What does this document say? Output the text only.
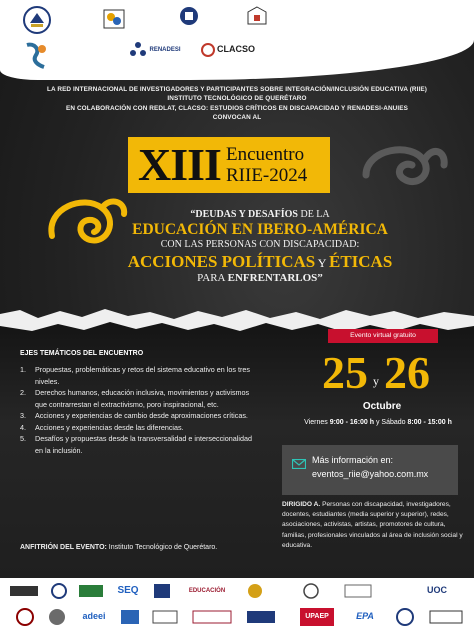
RENADESI	CLACSO
LA RED INTERNACIONAL DE INVESTIGADORES Y PARTICIPANTES SOBRE INTEGRACIÓN/INCLUSIÓN EDUCATIVA (RIIE)
INSTITUTO TECNOLÓGICO DE QUERÉTARO
EN COLABORACIÓN CON REDLAT, CLACSO: ESTUDIOS CRÍTICOS EN DISCAPACIDAD Y RENADESI-ANUIES
CONVOCAN AL
XIII Encuentro
RIIE-2024
“DEUDAS Y DESAFÍOS DE LA
EDUCACIÓN EN IBERO-AMÉRICA
CON LAS PERSONAS CON DISCAPACIDAD:
ACCIONES POLÍTICAS Y ÉTICAS
PARA ENFRENTARLOS”
EJES TEMÁTICOS DEL ENCUENTRO
1. Propuestas, problemáticas y retos del sistema educativo en los tres niveles.
2. Derechos humanos, educación inclusiva, movimientos y activismos que contrarrestan el extractivismo, poro inspiracional, etc.
3. Acciones y experiencias de cambio desde aproximaciones críticas.
4. Acciones y experiencias desde las diferencias.
5. Desafíos y propuestas desde la transversalidad e interseccionalidad en la inclusión.
ANFITRIÓN DEL EVENTO: Instituto Tecnológico de Querétaro.
Evento virtual gratuito
25 y 26
Octubre
Viernes 9:00 - 16:00 h y Sábado 8:00 - 15:00 h
Más información en:
eventos_riie@yahoo.com.mx
DIRIGIDO A. Personas con discapacidad, investigadores, docentes, estudiantes (media superior y superior), redes, asociaciones, activistas, artistas, promotores de cultura, familias, profesionales vinculados al área de inclusión social y educativa.
SEQ	EDUCACIÓN	UOC
adeei	UPAEP	EPA
